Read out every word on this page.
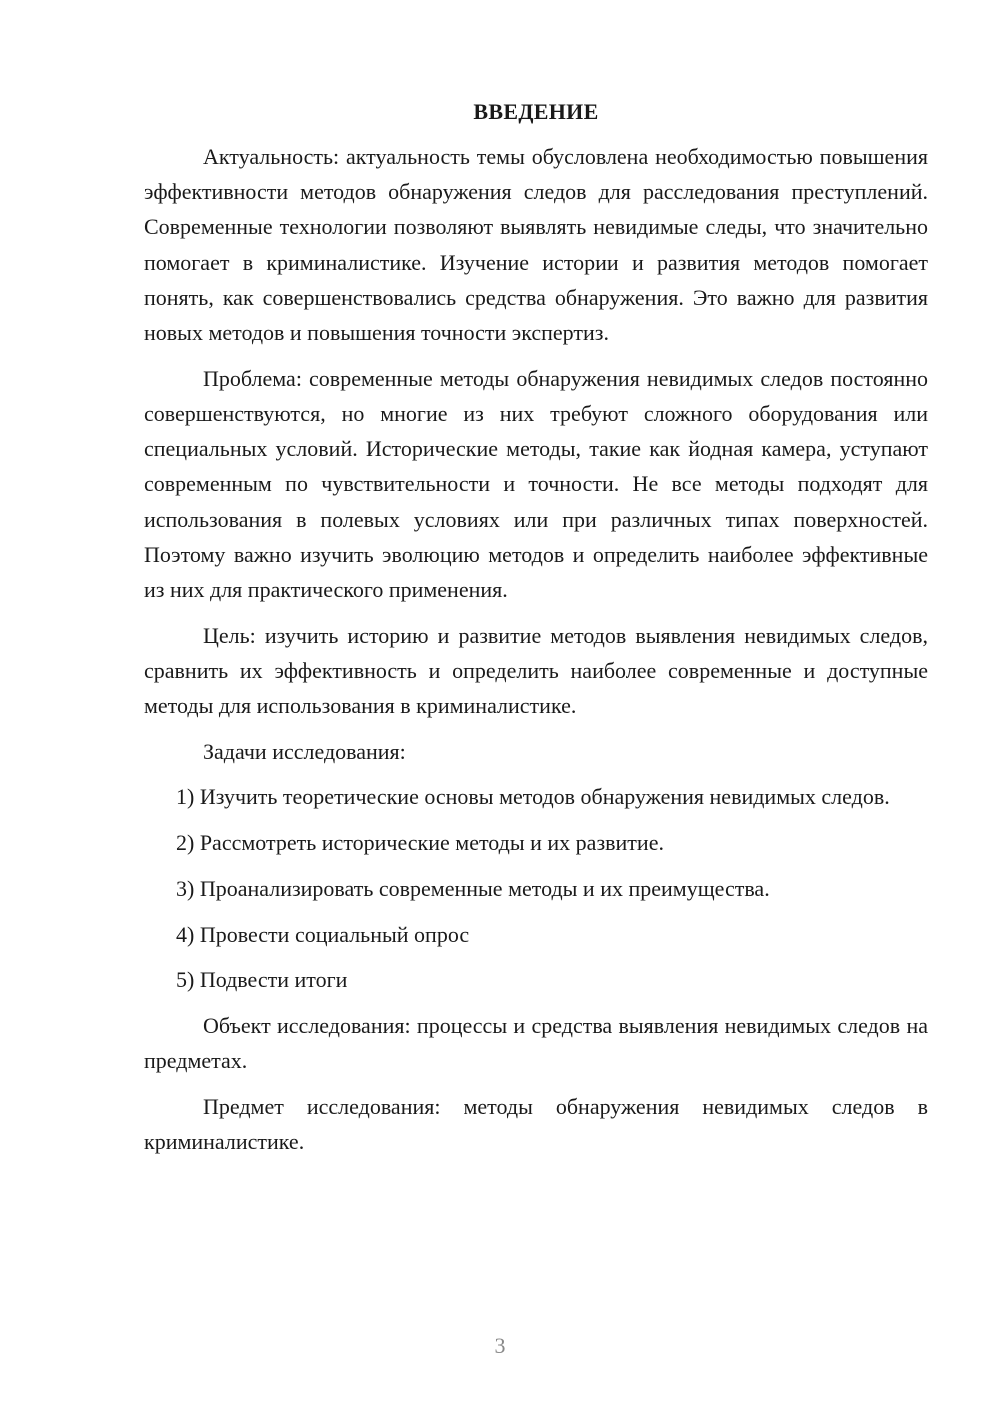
ВВЕДЕНИЕ

Актуальность: актуальность темы обусловлена необходимостью повышения эффективности методов обнаружения следов для расследования преступлений. Современные технологии позволяют выявлять невидимые следы, что значительно помогает в криминалистике. Изучение истории и развития методов помогает понять, как совершенствовались средства обнаружения. Это важно для развития новых методов и повышения точности экспертиз.

Проблема: современные методы обнаружения невидимых следов постоянно совершенствуются, но многие из них требуют сложного оборудования или специальных условий. Исторические методы, такие как йодная камера, уступают современным по чувствительности и точности. Не все методы подходят для использования в полевых условиях или при различных типах поверхностей. Поэтому важно изучить эволюцию методов и определить наиболее эффективные из них для практического применения.

Цель: изучить историю и развитие методов выявления невидимых следов, сравнить их эффективность и определить наиболее современные и доступные методы для использования в криминалистике.

Задачи исследования:

1) Изучить теоретические основы методов обнаружения невидимых следов.

2) Рассмотреть исторические методы и их развитие.

3) Проанализировать современные методы и их преимущества.

4) Провести социальный опрос

5) Подвести итоги

Объект исследования: процессы и средства выявления невидимых следов на предметах.

Предмет исследования: методы обнаружения невидимых следов в криминалистике.

3
